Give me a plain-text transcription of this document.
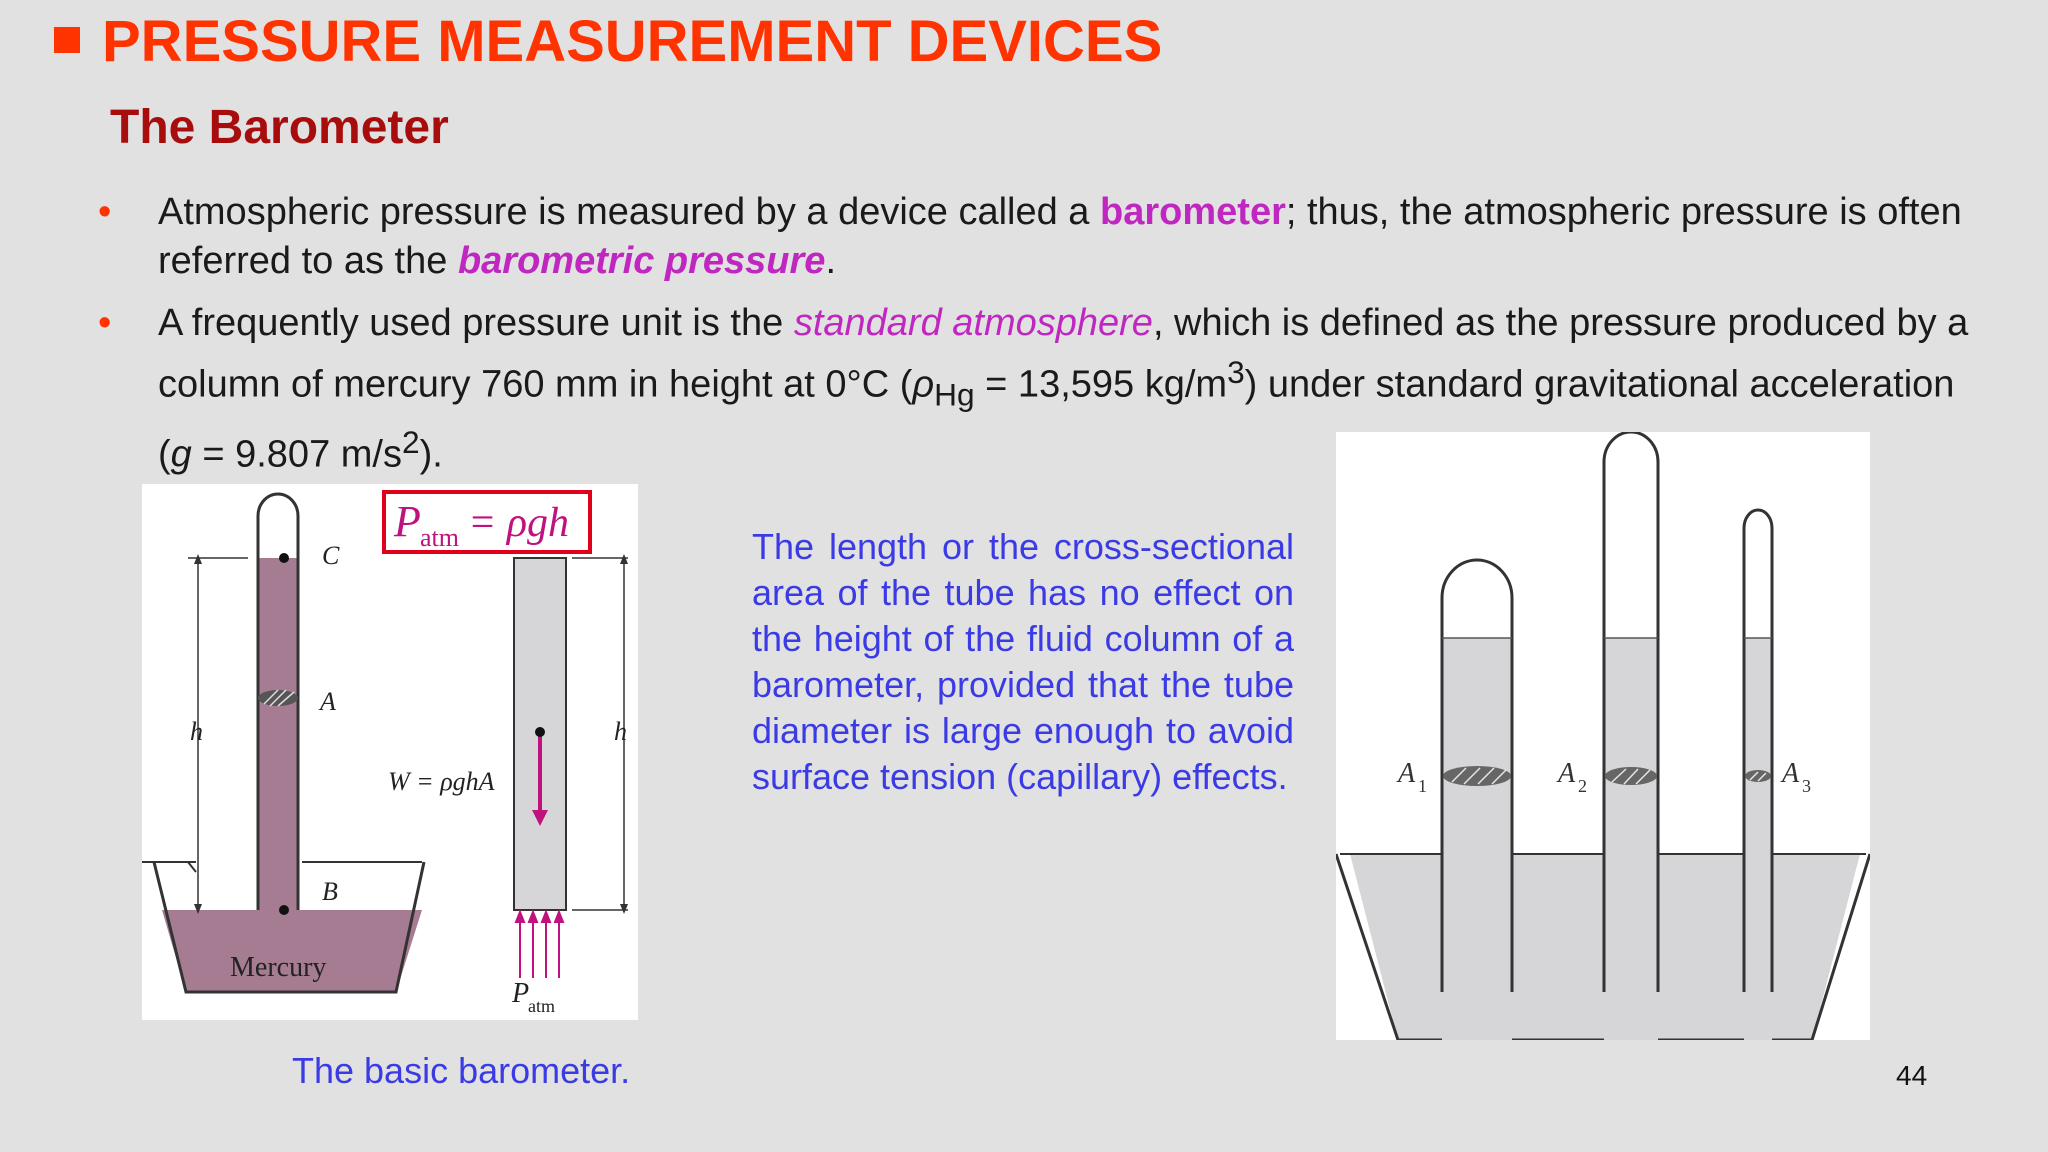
PRESSURE MEASUREMENT DEVICES
The Barometer
• Atmospheric pressure is measured by a device called a barometer; thus, the atmospheric pressure is often referred to as the barometric pressure.
• A frequently used pressure unit is the standard atmosphere, which is defined as the pressure produced by a column of mercury 760 mm in height at 0°C ($\rho_{Hg} = 13,595$ $kg/m^3$) under standard gravitational acceleration (g = 9.807 $m/s^2$).
P atm = ρgh
C
A
B
h	h
W = ρghA
Mercury
P
atm
The length or the cross-sectional area of the tube has no effect on the height of the fluid column of a barometer, provided that the tube diameter is large enough to avoid surface tension (capillary) effects.	A 1	A 2	A 3
The basic barometer.	44
